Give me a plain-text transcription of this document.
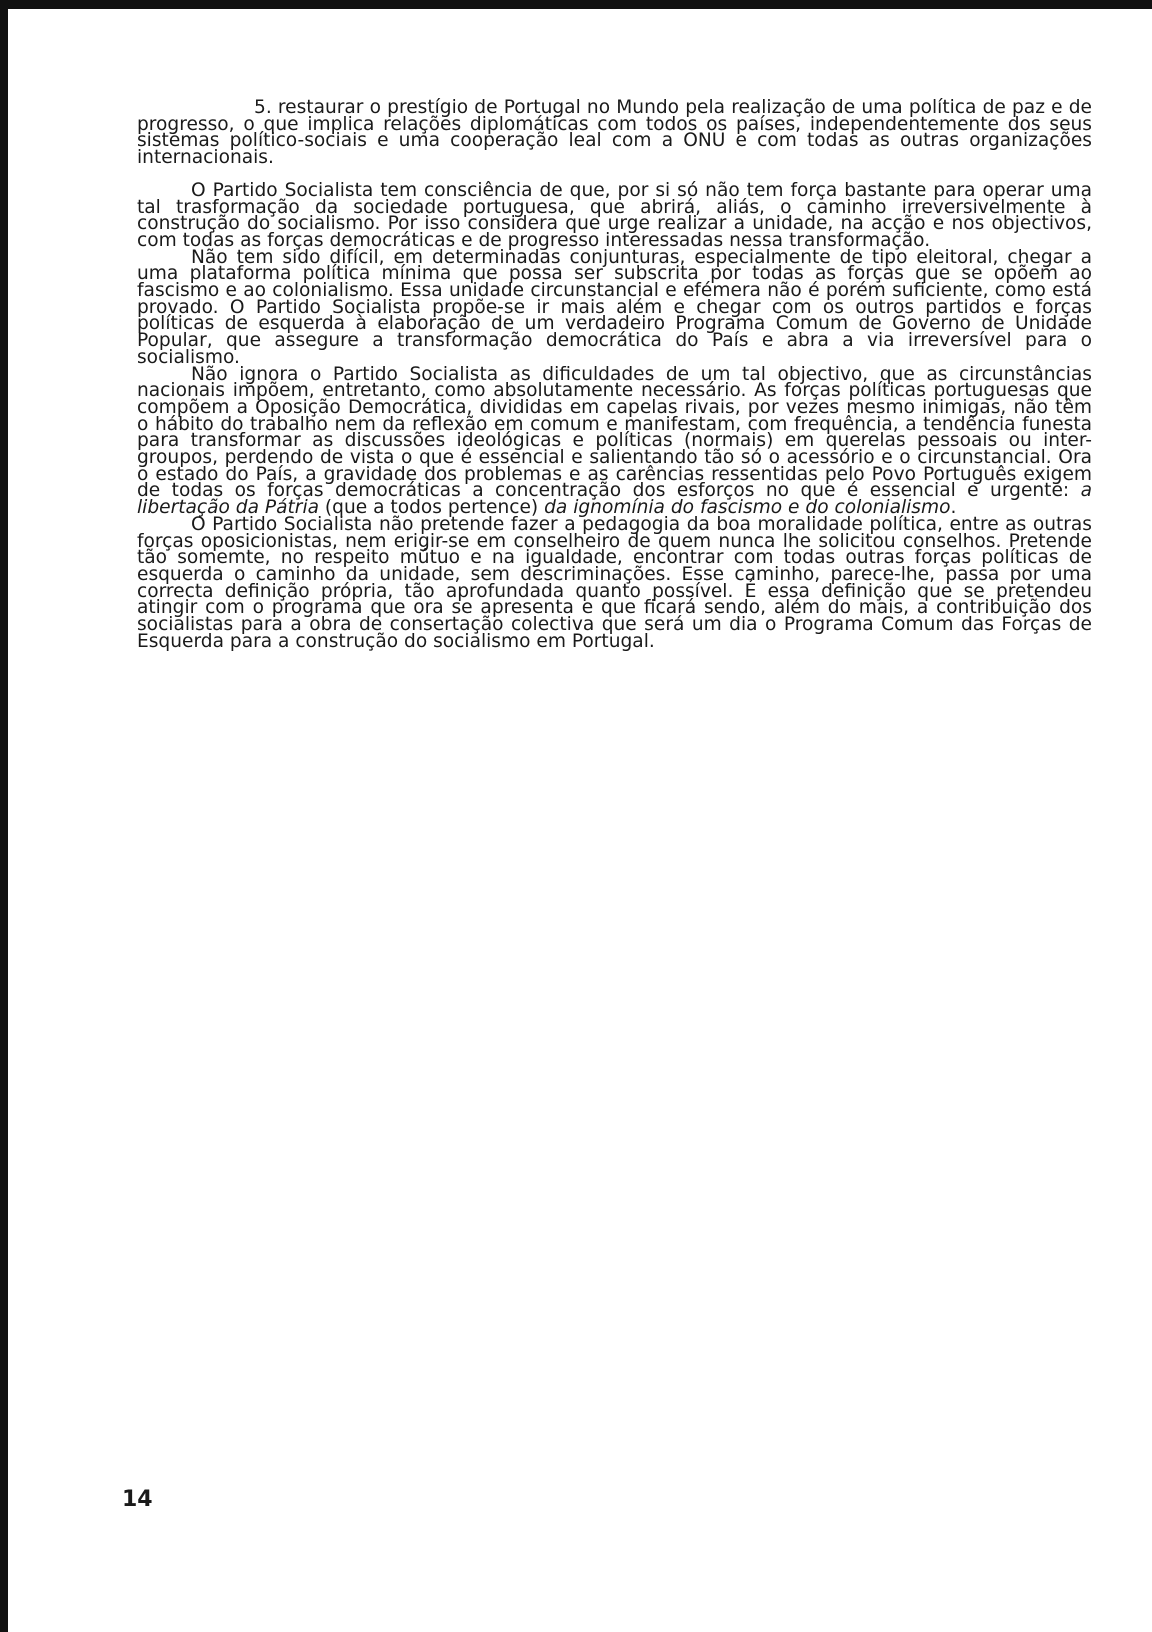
5. restaurar o prestígio de Portugal no Mundo pela realização de uma política de paz e de progresso, o que implica relações diplomáticas com todos os países, independentemente dos seus sistemas político-sociais e uma cooperação leal com a ONU e com todas as outras organizações internacionais.

O Partido Socialista tem consciência de que, por si só não tem força bastante para operar uma tal trasformação da sociedade portuguesa, que abrirá, aliás, o caminho irreversivelmente à construção do socialismo. Por isso considera que urge realizar a unidade, na acção e nos objectivos, com todas as forças democráticas e de progresso interessadas nessa transformação.

Não tem sido difícil, em determinadas conjunturas, especialmente de tipo eleitoral, chegar a uma plataforma política mínima que possa ser subscrita por todas as forças que se opõem ao fascismo e ao colonialismo. Essa unidade circunstancial e efémera não é porém suficiente, como está provado. O Partido Socialista propõe-se ir mais além e chegar com os outros partidos e forças políticas de esquerda à elaboração de um verdadeiro Programa Comum de Governo de Unidade Popular, que assegure a transformação democrática do País e abra a via irreversível para o socialismo.

Não ignora o Partido Socialista as dificuldades de um tal objectivo, que as circunstâncias nacionais impõem, entretanto, como absolutamente necessário. As forças políticas portuguesas que compõem a Oposição Democrática, divididas em capelas rivais, por vezes mesmo inimigas, não têm o hábito do trabalho nem da reflexão em comum e manifestam, com frequência, a tendência funesta para transformar as discussões ideológicas e políticas (normais) em querelas pessoais ou inter-groupos, perdendo de vista o que é essencial e salientando tão só o acessório e o circunstancial. Ora o estado do País, a gravidade dos problemas e as carências ressentidas pelo Povo Português exigem de todas os forças democráticas a concentração dos esforços no que é essencial e urgente: a libertação da Pátria (que a todos pertence) da ignomínia do fascismo e do colonialismo.

O Partido Socialista não pretende fazer a pedagogia da boa moralidade política, entre as outras forças oposicionistas, nem erigir-se em conselheiro de quem nunca lhe solicitou conselhos. Pretende tão somemte, no respeito mútuo e na igualdade, encontrar com todas outras forças políticas de esquerda o caminho da unidade, sem descriminações. Esse caminho, parece-lhe, passa por uma correcta definição própria, tão aprofundada quanto possível. É essa definição que se pretendeu atingir com o programa que ora se apresenta e que ficará sendo, além do mais, a contribuição dos socialistas para a obra de consertação colectiva que será um dia o Programa Comum das Forças de Esquerda para a construção do socialismo em Portugal.

14
